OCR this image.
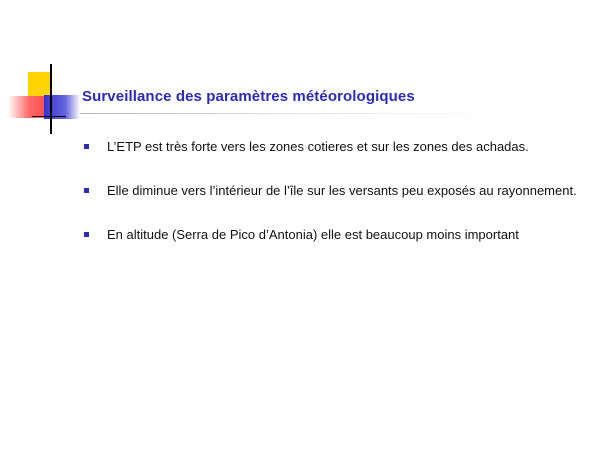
Surveillance des paramètres météorologiques
L’ETP est très forte vers les zones cotieres et sur les zones des achadas.
Elle diminue vers l’intérieur de l’île sur les versants peu exposés au rayonnement.
En altitude (Serra de Pico d’Antonia) elle est beaucoup moins important
